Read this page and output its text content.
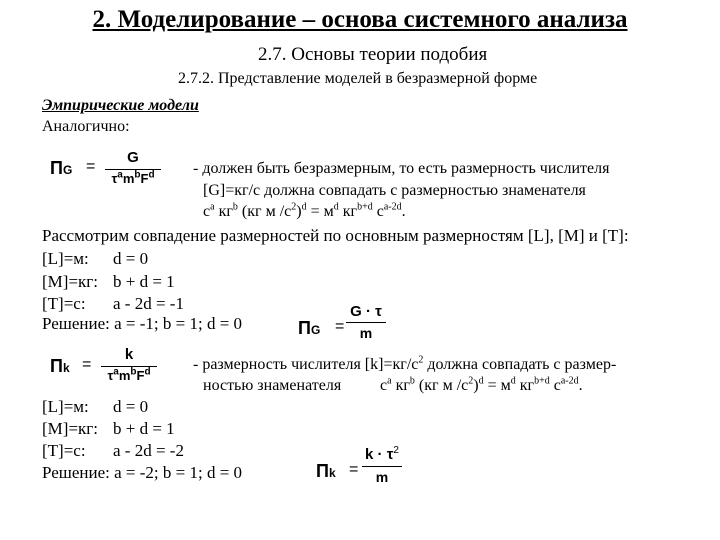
2. Моделирование – основа системного анализа
2.7. Основы теории подобия
2.7.2. Представление моделей в безразмерной форме
Эмпирические модели
Аналогично:
ПG =
G
$\tau^am^bF^d$	- должен быть безразмерным, то есть размерность числителя
[G]=кг/с должна совпадать с размерностью знаменателя
$с^a$ $кг^b$ (кг м $/с^2)^d = м^d$ $кг^{b+d}$ $с^{a-2d}$.
Рассмотрим совпадение размерностей по основным размерностям [L], [M] и [T]:
[L]=м: d = 0
[M]=кг: b + d = 1
[T]=с: a - 2d = -1
Решение: a = -1; b = 1; d = 0	ПG =
G · τ
m
Пk =
k
$\tau^am^bF^d$	- размерность числителя $[k]=кг/с^2$ должна совпадать с размер-
ностью знаменателя $с^a$ $кг^b$ (кг м $/с^2)^d = м^d$ $кг^{b+d}$ $с^{a-2d}$.
[L]=м: d = 0
[M]=кг: b + d = 1
[T]=с: a - 2d = -2
Решение: a = -2; b = 1; d = 0	Пk =
$k \cdot \tau^2$
m
